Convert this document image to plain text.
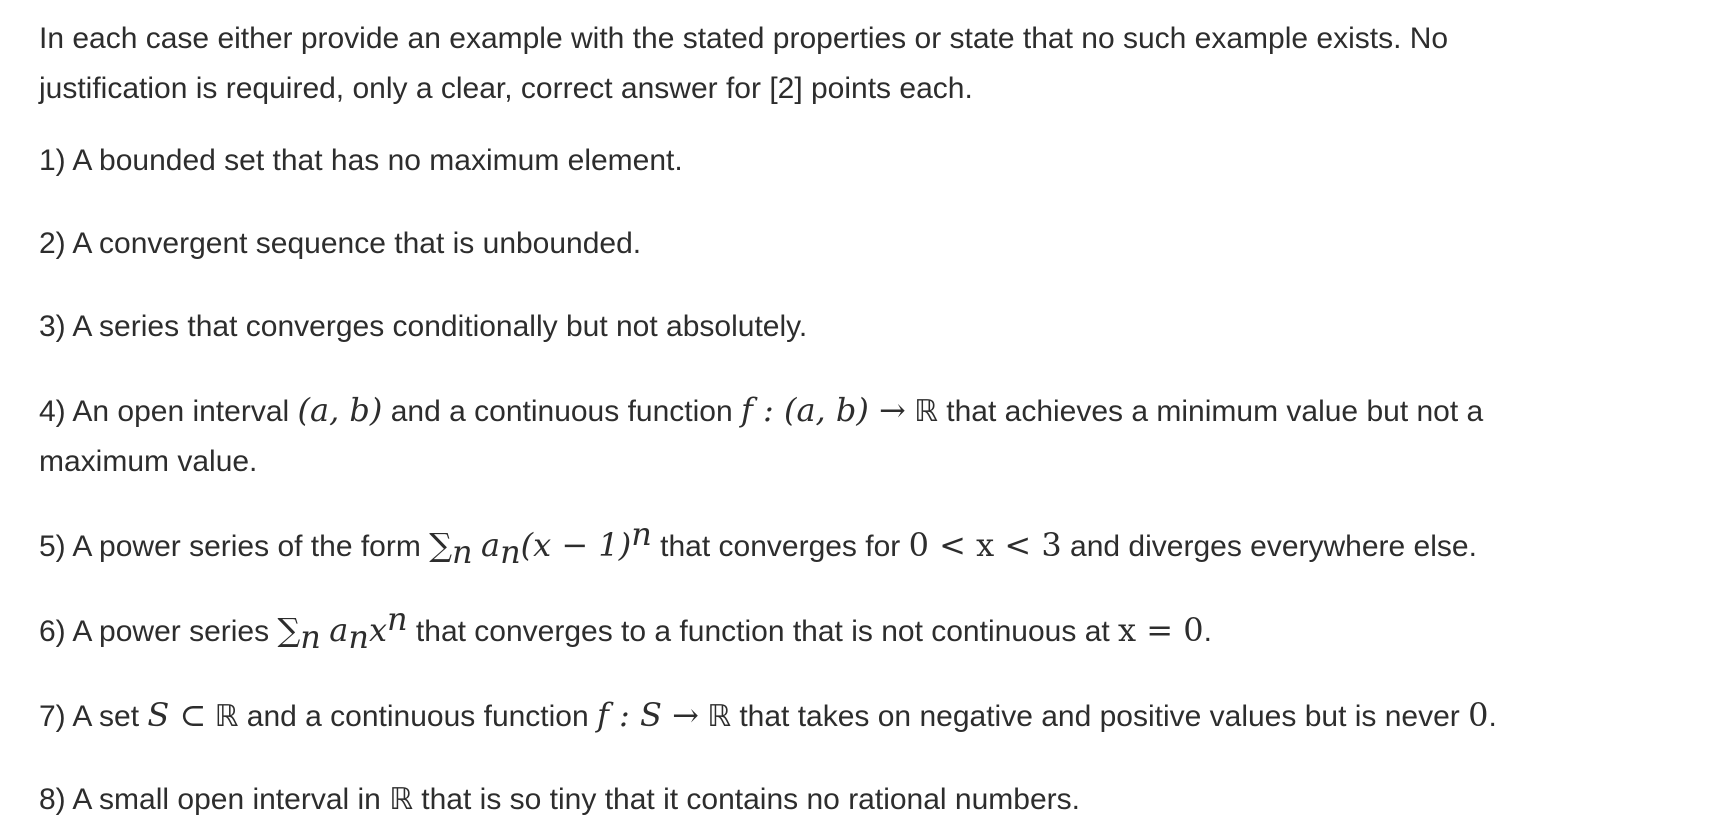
In each case either provide an example with the stated properties or state that no such example exists. No
justification is required, only a clear, correct answer for [2] points each.
1) A bounded set that has no maximum element.
2) A convergent sequence that is unbounded.
3) A series that converges conditionally but not absolutely.
4) An open interval (a, b) and a continuous function f : (a, b) → ℝ that achieves a minimum value but not a
maximum value.
5) A power series of the form $\sum_n$ $a_n(x - 1)^n$ that converges for 0 < x < 3 and diverges everywhere else.
6) A power series $\sum_n$ $a_nx^n$ that converges to a function that is not continuous at x = 0.
7) A set S ⊂ ℝ and a continuous function f : S → ℝ that takes on negative and positive values but is never 0.
8) A small open interval in ℝ that is so tiny that it contains no rational numbers.
